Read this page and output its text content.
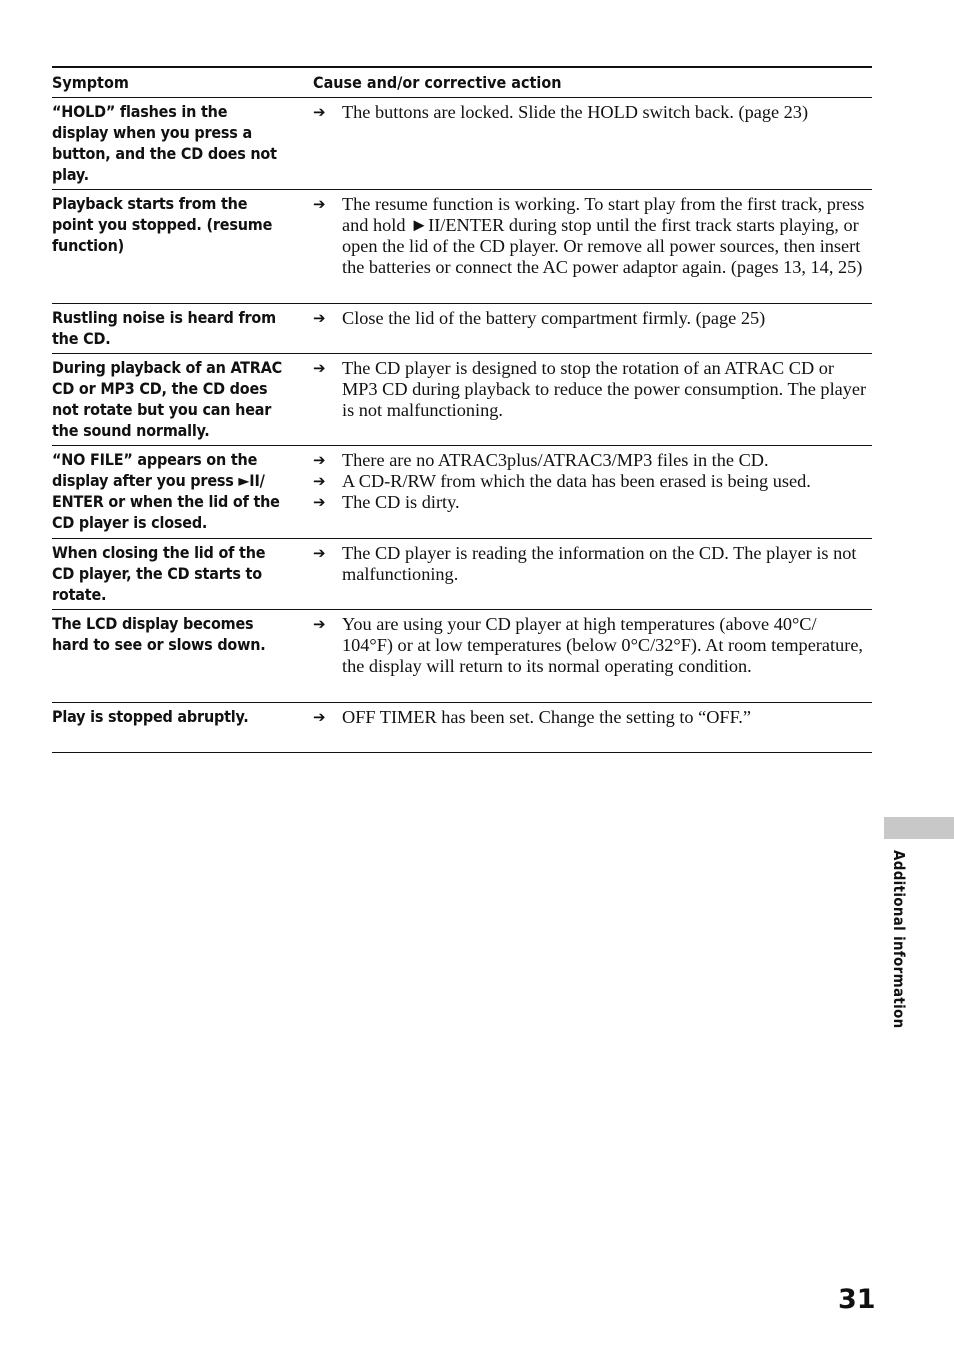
Symptom	Cause and/or corrective action
“HOLD” flashes in the display when you press a button, and the CD does not play.
➔ The buttons are locked. Slide the HOLD switch back. (page 23)
Playback starts from the point you stopped. (resume function)
➔ The resume function is working. To start play from the first track, press and hold ►II/ENTER during stop until the first track starts playing, or open the lid of the CD player. Or remove all power sources, then insert the batteries or connect the AC power adaptor again. (pages 13, 14, 25)
Rustling noise is heard from the CD.
➔ Close the lid of the battery compartment firmly. (page 25)
During playback of an ATRAC CD or MP3 CD, the CD does not rotate but you can hear the sound normally.
➔ The CD player is designed to stop the rotation of an ATRAC CD or MP3 CD during playback to reduce the power consumption. The player is not malfunctioning.
“NO FILE” appears on the display after you press ►II/ ENTER or when the lid of the CD player is closed.
➔ There are no ATRAC3plus/ATRAC3/MP3 files in the CD.
➔ A CD-R/RW from which the data has been erased is being used.
➔ The CD is dirty.
When closing the lid of the CD player, the CD starts to rotate.
➔ The CD player is reading the information on the CD. The player is not malfunctioning.
The LCD display becomes hard to see or slows down.
➔ You are using your CD player at high temperatures (above 40°C/ 104°F) or at low temperatures (below 0°C/32°F). At room temperature, the display will return to its normal operating condition.
Play is stopped abruptly.	➔ OFF TIMER has been set. Change the setting to “OFF.”
Additional information
31
